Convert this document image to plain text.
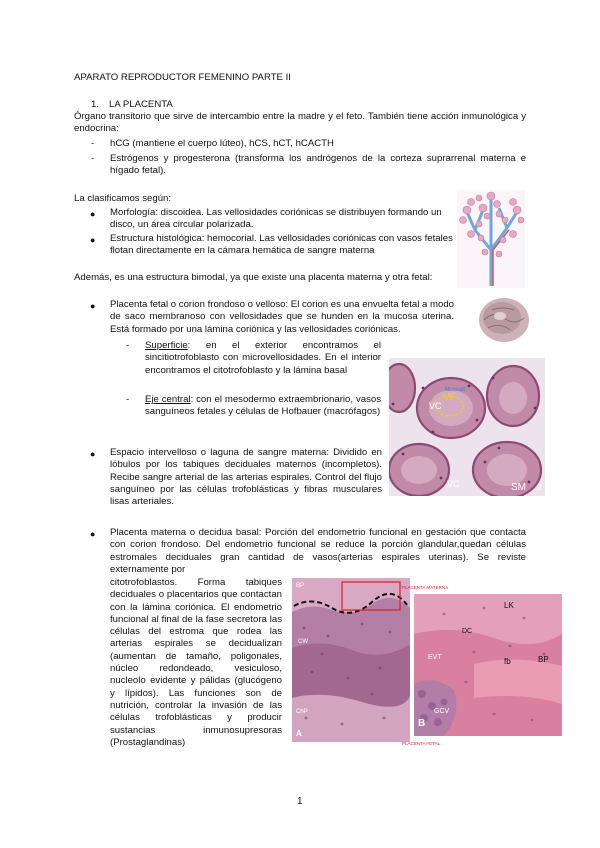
APARATO REPRODUCTOR FEMENINO PARTE II
1. LA PLACENTA

Órgano transitorio que sirve de intercambio entre la madre y el feto. También tiene acción inmunológica y endocrina:

- hCG (mantiene el cuerpo lúteo), hCS, hCT, hCACTH

- Estrógenos y progesterona (transforma los andrógenos de la corteza suprarrenal materna e hígado fetal).

La clasificamos según:

● Morfología: discoidea. Las vellosidades coriónicas se distribuyen formando un disco, un área circular polarizada.

● Estructura histológica: hemocorial. Las vellosidades coriónicas con vasos fetales flotan directamente en la cámara hemática de sangre materna

Además, es una estructura bimodal, ya que existe una placenta materna y otra fetal:

● Placenta fetal o corion frondoso o velloso: El corion es una envuelta fetal a modo de saco membranoso con vellosidades que se hunden en la mucosa uterina. Está formado por una lámina coriónica y las vellosidades coriónicas.

- Superficie: en el exterior encontramos el sincitiotrofoblasto con microvellosidades. En el interior encontramos el citotrofoblasto y la lámina basal

- Eje central: con el mesodermo extraembrionario, vasos sanguíneos fetales y células de Hofbauer (macrófagos)

● Espacio intervelloso o laguna de sangre materna: Dividido en lóbulos por los tabiques deciduales maternos (incompletos). Recibe sangre arterial de las arterias espirales. Control del flujo sanguíneo por las células trofoblásticas y fibras musculares lisas arteriales.

● Placenta materna o decidua basal: Porción del endometrio funcional en gestación que contacta con corion frondoso. Del endometrio funcional se reduce la porción glandular,quedan células estromales deciduales gran cantidad de vasos(arterias espirales uterinas). Se reviste externamente por

citotrofoblastos. Forma tabiques deciduales o placentarios que contactan con la lámina coriónica. El endometrio funcional al final de la fase secretora las células del estroma que rodea las arterias espirales se decidualizan (aumentan de tamaño, poligonales, núcleo redondeado, vesiculoso, nucleolo evidente y pálidas (glucógeno y lípidos). Las funciones son de nutrición, controlar la invasión de las células trofoblásticas y producir sustancias inmunosupresoras (Prostaglandinas)

VF
VC
VC	SM 9
Microvell.
BP
CW
ChP
A
PLACENTA MATERNA
PLACENTA FETAL
LK
DC
EVT	fb	BP
GCV
B
1
